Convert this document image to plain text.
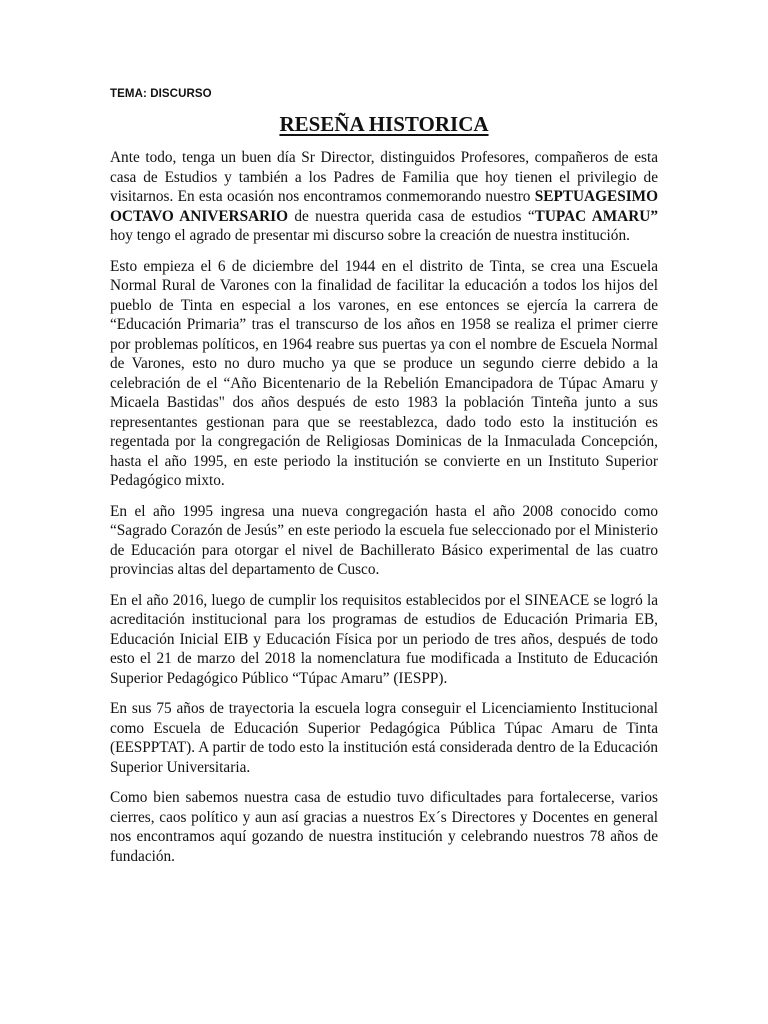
TEMA: DISCURSO
RESEÑA HISTORICA

Ante todo, tenga un buen día Sr Director, distinguidos Profesores, compañeros de esta casa de Estudios y también a los Padres de Familia que hoy tienen el privilegio de visitarnos. En esta ocasión nos encontramos conmemorando nuestro SEPTUAGESIMO OCTAVO ANIVERSARIO de nuestra querida casa de estudios “TUPAC AMARU” hoy tengo el agrado de presentar mi discurso sobre la creación de nuestra institución.

Esto empieza el 6 de diciembre del 1944 en el distrito de Tinta, se crea una Escuela Normal Rural de Varones con la finalidad de facilitar la educación a todos los hijos del pueblo de Tinta en especial a los varones, en ese entonces se ejercía la carrera de “Educación Primaria” tras el transcurso de los años en 1958 se realiza el primer cierre por problemas políticos, en 1964 reabre sus puertas ya con el nombre de Escuela Normal de Varones, esto no duro mucho ya que se produce un segundo cierre debido a la celebración de el “Año Bicentenario de la Rebelión Emancipadora de Túpac Amaru y Micaela Bastidas" dos años después de esto 1983 la población Tinteña junto a sus representantes gestionan para que se reestablezca, dado todo esto la institución es regentada por la congregación de Religiosas Dominicas de la Inmaculada Concepción, hasta el año 1995, en este periodo la institución se convierte en un Instituto Superior Pedagógico mixto.

En el año 1995 ingresa una nueva congregación hasta el año 2008 conocido como “Sagrado Corazón de Jesús” en este periodo la escuela fue seleccionado por el Ministerio de Educación para otorgar el nivel de Bachillerato Básico experimental de las cuatro provincias altas del departamento de Cusco.

En el año 2016, luego de cumplir los requisitos establecidos por el SINEACE se logró la acreditación institucional para los programas de estudios de Educación Primaria EB, Educación Inicial EIB y Educación Física por un periodo de tres años, después de todo esto el 21 de marzo del 2018 la nomenclatura fue modificada a Instituto de Educación Superior Pedagógico Público “Túpac Amaru” (IESPP).

En sus 75 años de trayectoria la escuela logra conseguir el Licenciamiento Institucional como Escuela de Educación Superior Pedagógica Pública Túpac Amaru de Tinta (EESPPTAT). A partir de todo esto la institución está considerada dentro de la Educación Superior Universitaria.

Como bien sabemos nuestra casa de estudio tuvo dificultades para fortalecerse, varios cierres, caos político y aun así gracias a nuestros Ex´s Directores y Docentes en general nos encontramos aquí gozando de nuestra institución y celebrando nuestros 78 años de fundación.
